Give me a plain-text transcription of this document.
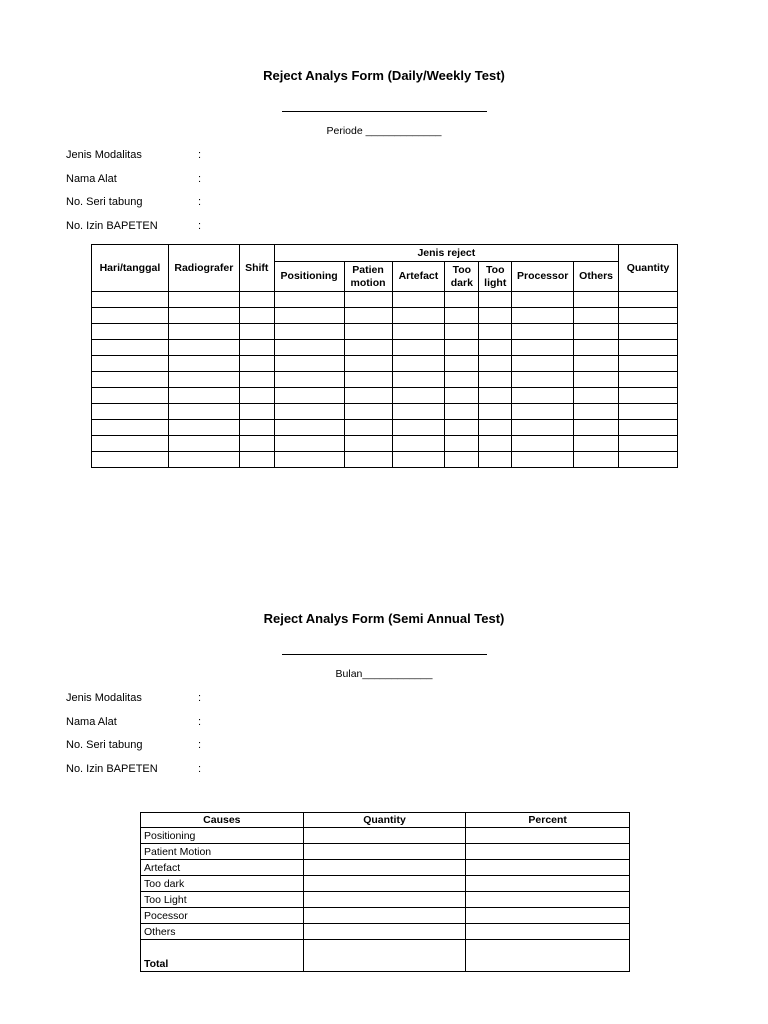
Reject Analys Form (Daily/Weekly Test)
Periode _____________
Jenis Modalitas	:
Nama Alat	:
No. Seri tabung	:
No. Izin BAPETEN	:
Hari/tanggal	Radiografer	Shift	Jenis reject							Quantity
			Positioning	Patien motion	Artefact	Too dark	Too light	Processor	Others	

Reject Analys Form (Semi Annual Test)
Bulan____________
Jenis Modalitas	:
Nama Alat	:
No. Seri tabung	:
No. Izin BAPETEN	:
Causes	Quantity	Percent
Positioning		
Patient Motion		
Artefact		
Too dark		
Too Light		
Pocessor		
Others		
Total		
